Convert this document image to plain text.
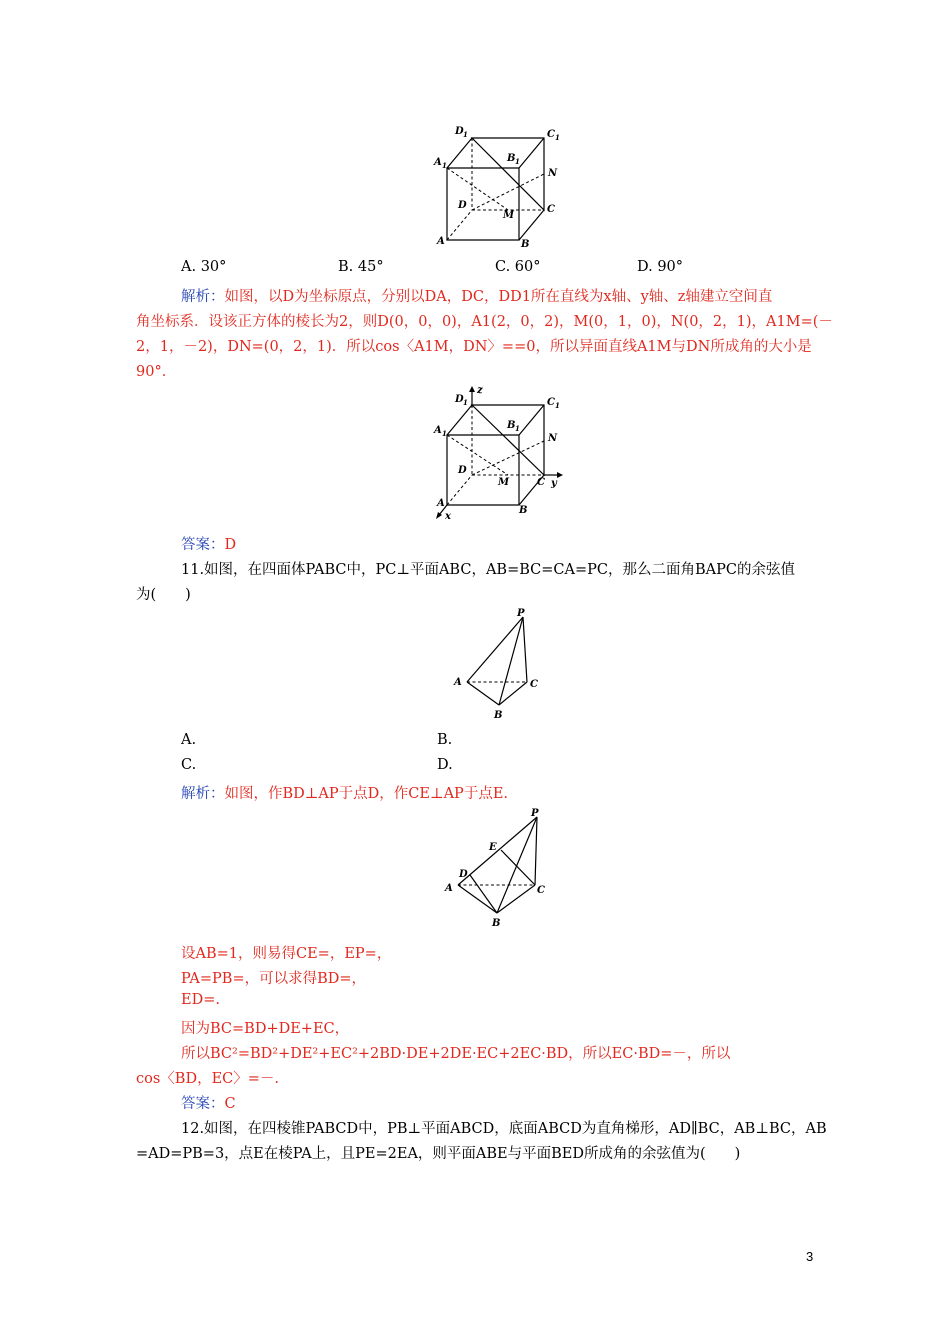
D 1	C 1
A 1
B 1
N
D
M
C
A	B
A. 30°	B. 45°	C. 60°	D. 90°
解析：如图，以D为坐标原点，分别以DA，DC，DD1所在直线为x轴、y轴、z轴建立空间直
角坐标系．设该正方体的棱长为2，则D(0，0，0)，A1(2，0，2)，M(0，1，0)，N(0，2，1)，A1M=(－
2，1，－2)，DN=(0，2，1)．所以cos〈A1M，DN〉==0，所以异面直线A1M与DN所成角的大小是
90°．
z
D 1	C 1
A 1
B 1
N
D
M	C y
A
x
B
答案：D
11.如图，在四面体PABC中，PC⊥平面ABC，AB=BC=CA=PC，那么二面角BAPC的余弦值
为(　　)
P
A	C
B
A.	B.
C.	D.
解析：如图，作BD⊥AP于点D，作CE⊥AP于点E.
P
E
D
A	C
B
设AB=1，则易得CE=，EP=，
PA=PB=，可以求得BD=，
ED=.
因为BC=BD+DE+EC，
所以BC²=BD²+DE²+EC²+2BD·DE+2DE·EC+2EC·BD，所以EC·BD=－，所以
cos〈BD，EC〉=－.
答案：C
12.如图，在四棱锥PABCD中，PB⊥平面ABCD，底面ABCD为直角梯形，AD∥BC，AB⊥BC，AB
=AD=PB=3，点E在棱PA上，且PE=2EA，则平面ABE与平面BED所成角的余弦值为(　　)
3
